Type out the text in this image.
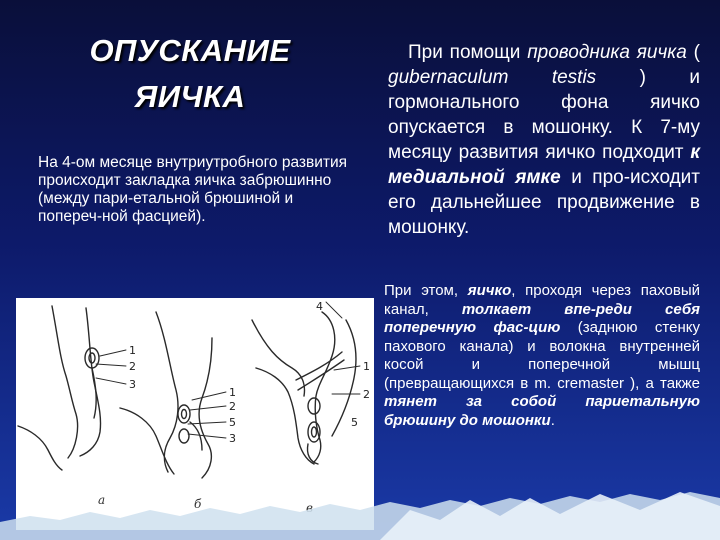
ОПУСКАНИЕ
ЯИЧКА
На 4-ом месяце внутриутробного развития происходит закладка яичка забрюшинно (между пари-етальной брюшиной и попереч-ной фасцией).
При помощи проводника яичка ( gubernaculum testis ) и гормонального фона яичко опускается в мошонку. К 7-му месяцу развития яичко подходит к медиальной ямке и про-исходит его дальнейшее продвижение в мошонку.
При этом, яичко, проходя через паховый канал, толкает впе-реди себя поперечную фас-цию (заднюю стенку пахового канала) и волокна внутренней косой и поперечной мышц (превращающихся в m. cremaster ), а также тянет за собой париетальную брюшину до мошонки.
1
2
3
1
2
5
3
4
1
2
5
а	б	в
